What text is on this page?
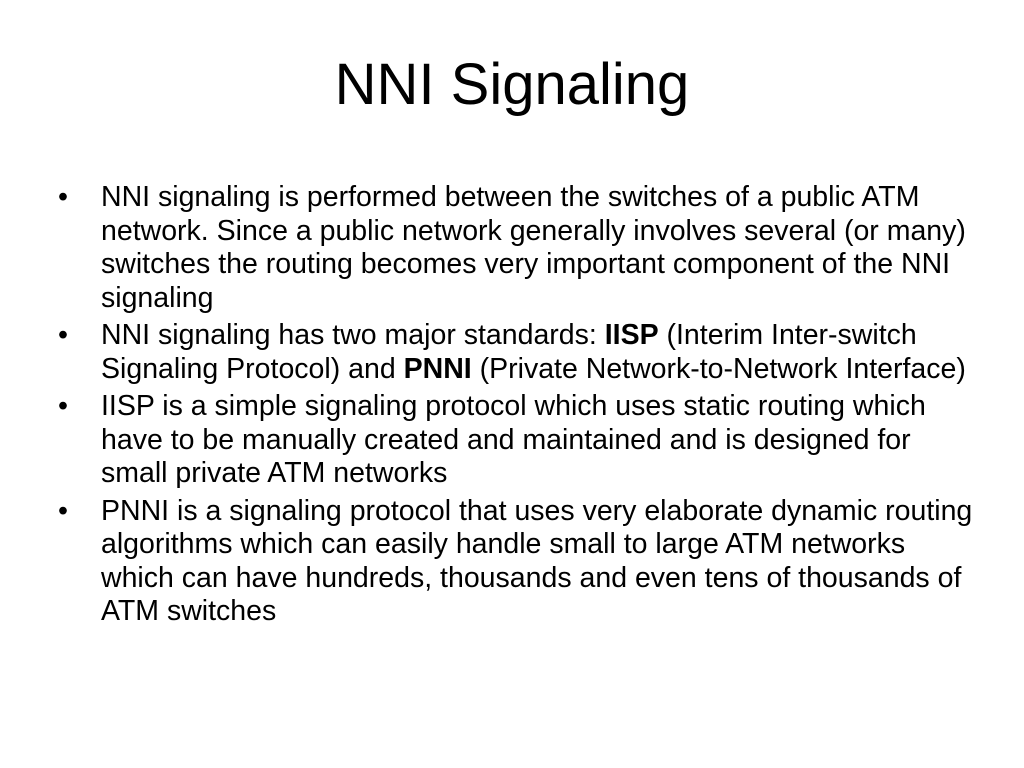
NNI Signaling
•	NNI signaling is performed between the switches of a public ATM network. Since a public network generally involves several (or many) switches the routing becomes very important component of the NNI signaling
•	NNI signaling has two major standards: IISP (Interim Inter-switch Signaling Protocol) and PNNI (Private Network-to-Network Interface)
•	IISP is a simple signaling protocol which uses static routing which have to be manually created and maintained and is designed for small private ATM networks
•	PNNI is a signaling protocol that uses very elaborate dynamic routing algorithms which can easily handle small to large ATM networks which can have hundreds, thousands and even tens of thousands of ATM switches
